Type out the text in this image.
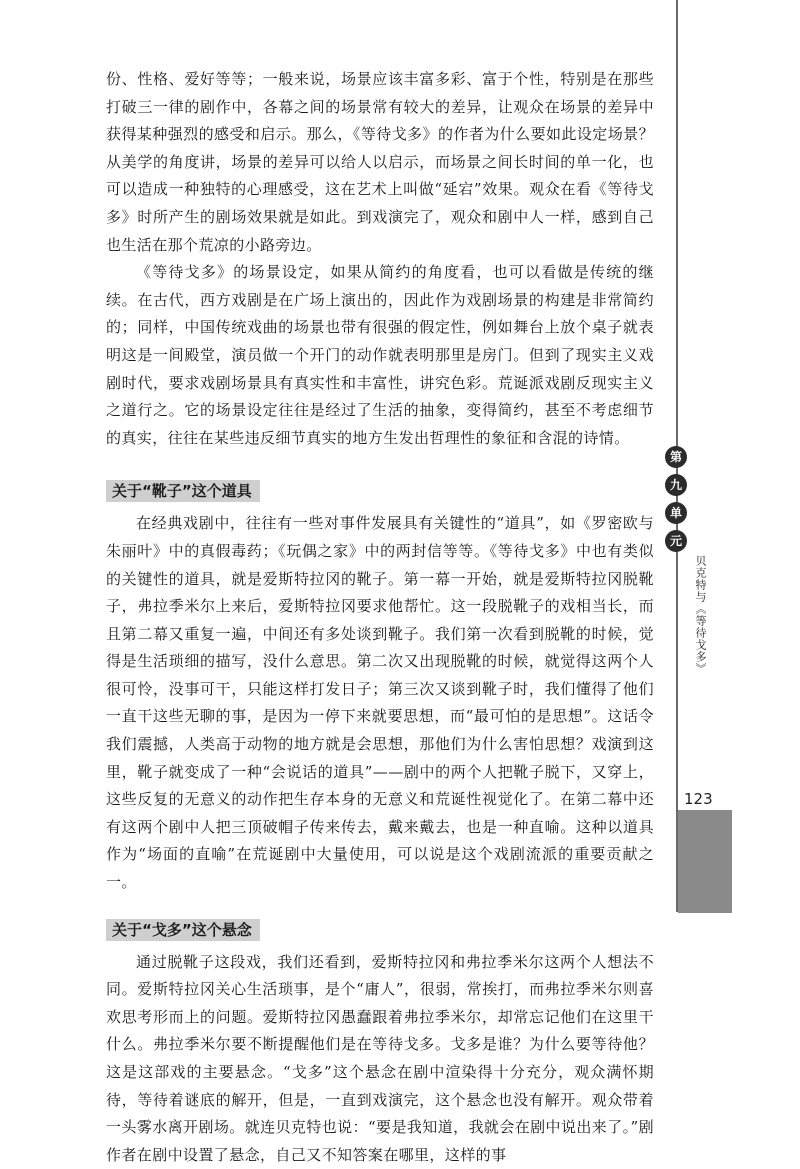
份、性格、爱好等等；一般来说，场景应该丰富多彩、富于个性，特别是在那些打破三一律的剧作中，各幕之间的场景常有较大的差异，让观众在场景的差异中获得某种强烈的感受和启示。那么，《等待戈多》的作者为什么要如此设定场景？从美学的角度讲，场景的差异可以给人以启示，而场景之间长时间的单一化，也可以造成一种独特的心理感受，这在艺术上叫做“延宕”效果。观众在看《等待戈多》时所产生的剧场效果就是如此。到戏演完了，观众和剧中人一样，感到自己也生活在那个荒凉的小路旁边。

《等待戈多》的场景设定，如果从简约的角度看，也可以看做是传统的继续。在古代，西方戏剧是在广场上演出的，因此作为戏剧场景的构建是非常简约的；同样，中国传统戏曲的场景也带有很强的假定性，例如舞台上放个桌子就表明这是一间殿堂，演员做一个开门的动作就表明那里是房门。但到了现实主义戏剧时代，要求戏剧场景具有真实性和丰富性，讲究色彩。荒诞派戏剧反现实主义之道行之。它的场景设定往往是经过了生活的抽象，变得简约，甚至不考虑细节的真实，往往在某些违反细节真实的地方生发出哲理性的象征和含混的诗情。

关于“靴子”这个道具

在经典戏剧中，往往有一些对事件发展具有关键性的“道具”，如《罗密欧与朱丽叶》中的真假毒药；《玩偶之家》中的两封信等等。《等待戈多》中也有类似的关键性的道具，就是爱斯特拉冈的靴子。第一幕一开始，就是爱斯特拉冈脱靴子，弗拉季米尔上来后，爱斯特拉冈要求他帮忙。这一段脱靴子的戏相当长，而且第二幕又重复一遍，中间还有多处谈到靴子。我们第一次看到脱靴的时候，觉得是生活琐细的描写，没什么意思。第二次又出现脱靴的时候，就觉得这两个人很可怜，没事可干，只能这样打发日子；第三次又谈到靴子时，我们懂得了他们一直干这些无聊的事，是因为一停下来就要思想，而“最可怕的是思想”。这话令我们震撼，人类高于动物的地方就是会思想，那他们为什么害怕思想？戏演到这里，靴子就变成了一种“会说话的道具”——剧中的两个人把靴子脱下，又穿上，这些反复的无意义的动作把生存本身的无意义和荒诞性视觉化了。在第二幕中还有这两个剧中人把三顶破帽子传来传去，戴来戴去，也是一种直喻。这种以道具作为“场面的直喻”在荒诞剧中大量使用，可以说是这个戏剧流派的重要贡献之一。

关于“戈多”这个悬念

通过脱靴子这段戏，我们还看到，爱斯特拉冈和弗拉季米尔这两个人想法不同。爱斯特拉冈关心生活琐事，是个“庸人”，很弱，常挨打，而弗拉季米尔则喜欢思考形而上的问题。爱斯特拉冈愚蠢跟着弗拉季米尔，却常忘记他们在这里干什么。弗拉季米尔要不断提醒他们是在等待戈多。戈多是谁？为什么要等待他？这是这部戏的主要悬念。“戈多”这个悬念在剧中渲染得十分充分，观众满怀期待，等待着谜底的解开，但是，一直到戏演完，这个悬念也没有解开。观众带着一头雾水离开剧场。就连贝克特也说：“要是我知道，我就会在剧中说出来了。”剧作者在剧中设置了悬念，自己又不知答案在哪里，这样的事

第
九
单
元
贝克特与《等待戈多》
123
